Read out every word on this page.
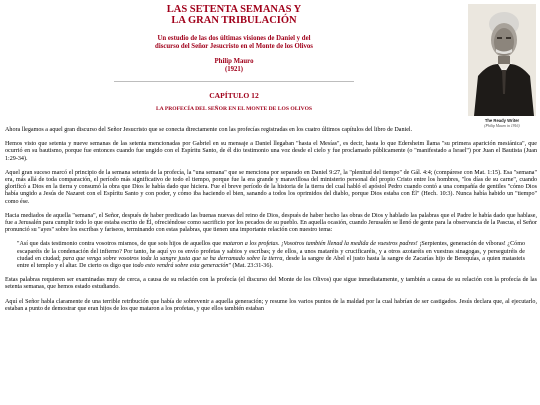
LAS SETENTA SEMANAS Y
LA GRAN TRIBULACIÓN
Un estudio de las dos últimas visiones de Daniel y del
discurso del Señor Jesucristo en el Monte de los Olivos
Philip Mauro
(1921)
CAPÍTULO 12
LA PROFECÍA DEL SEÑOR EN EL MONTE DE LOS OLIVOS
The Ready Writer
(Philip Mauro in 1916)

Ahora llegamos a aquel gran discurso del Señor Jesucristo que se conecta directamente con las profecías registradas en los cuatro últimos capítulos del libro de Daniel.

Hemos visto que setenta y nueve semanas de las setenta mencionadas por Gabriel en su mensaje a Daniel llegaban "hasta el Mesías", es decir, hasta lo que Edersheim llama "su primera aparición mesiánica", que ocurrió en su bautismo, porque fue entonces cuando fue ungido con el Espíritu Santo, de él dio testimonio una voz desde el cielo y fue proclamado públicamente (o "manifestado a Israel") por Juan el Bautista (Juan 1:29-34).

Aquel gran suceso marcó el principio de la semana setenta de la profecía, la "una semana" que se menciona por separado en Daniel 9:27, la "plenitud del tiempo" de Gál. 4:4; (compárese con Mat. 1:15). Esa "semana" era, más allá de toda comparación, el período más significativo de todo el tiempo, porque fue la era grande y maravillosa del ministerio personal del propio Cristo entre los hombres, "los días de su carne", cuando glorificó a Dios en la tierra y consumó la obra que Dios le había dado que hiciera. Fue el breve período de la historia de la tierra del cual habló el apóstol Pedro cuando contó a una compañía de gentiles "cómo Dios había ungido a Jesús de Nazaret con el Espíritu Santo y con poder, y cómo iba haciendo el bien, sanando a todos los oprimidos del diablo, porque Dios estaba con Él" (Hech. 10:3). Nunca había habido un "tiempo" como ése.

Hacia mediados de aquella "semana", el Señor, después de haber predicado las buenas nuevas del reino de Dios, después de haber hecho las obras de Dios y hablado las palabras que el Padre le había dado que hablase, fue a Jerusalén para cumplir todo lo que estaba escrito de Él, ofreciéndose como sacrificio por los pecados de su pueblo. En aquella ocasión, cuando Jerusalén se llenó de gente para la observancia de la Pascua, el Señor pronunció su "ayes" sobre los escribas y fariseos, terminando con estas palabras, que tienen una importante relación con nuestro tema:

"Así que dais testimonio contra vosotros mismos, de que sois hijos de aquellos que mataron a los profetas. ¡Vosotros también llenad la medida de vuestros padres! ¡Serpientes, generación de víboras! ¿Cómo escaparéis de la condenación del infierno? Por tanto, he aquí yo os envío profetas y sabios y escribas; y de ellos, a unos mataréis y crucificaréis, y a otros azotaréis en vuestras sinagogas, y perseguiréis de ciudad en ciudad; para que venga sobre vosotros toda la sangre justa que se ha derramado sobre la tierra, desde la sangre de Abel el justo hasta la sangre de Zacarías hijo de Berequías, a quien matasteis entre el templo y el altar. De cierto os digo que todo esto vendrá sobre esta generación" (Mat. 23:31-36).

Estas palabras requieren ser examinadas muy de cerca, a causa de su relación con la profecía (el discurso del Monte de los Olivos) que sigue inmediatamente, y también a causa de su relación con la profecía de las setenta semanas, que hemos estado estudiando.

Aquí el Señor habla claramente de una terrible retribución que había de sobrevenir a aquella generación; y resume los varios puntos de la maldad por la cual habrían de ser castigados. Jesús declara que, al ejecutarlo, estaban a punto de demostrar que eran hijos de los que mataron a los profetas, y que ellos también estaban
